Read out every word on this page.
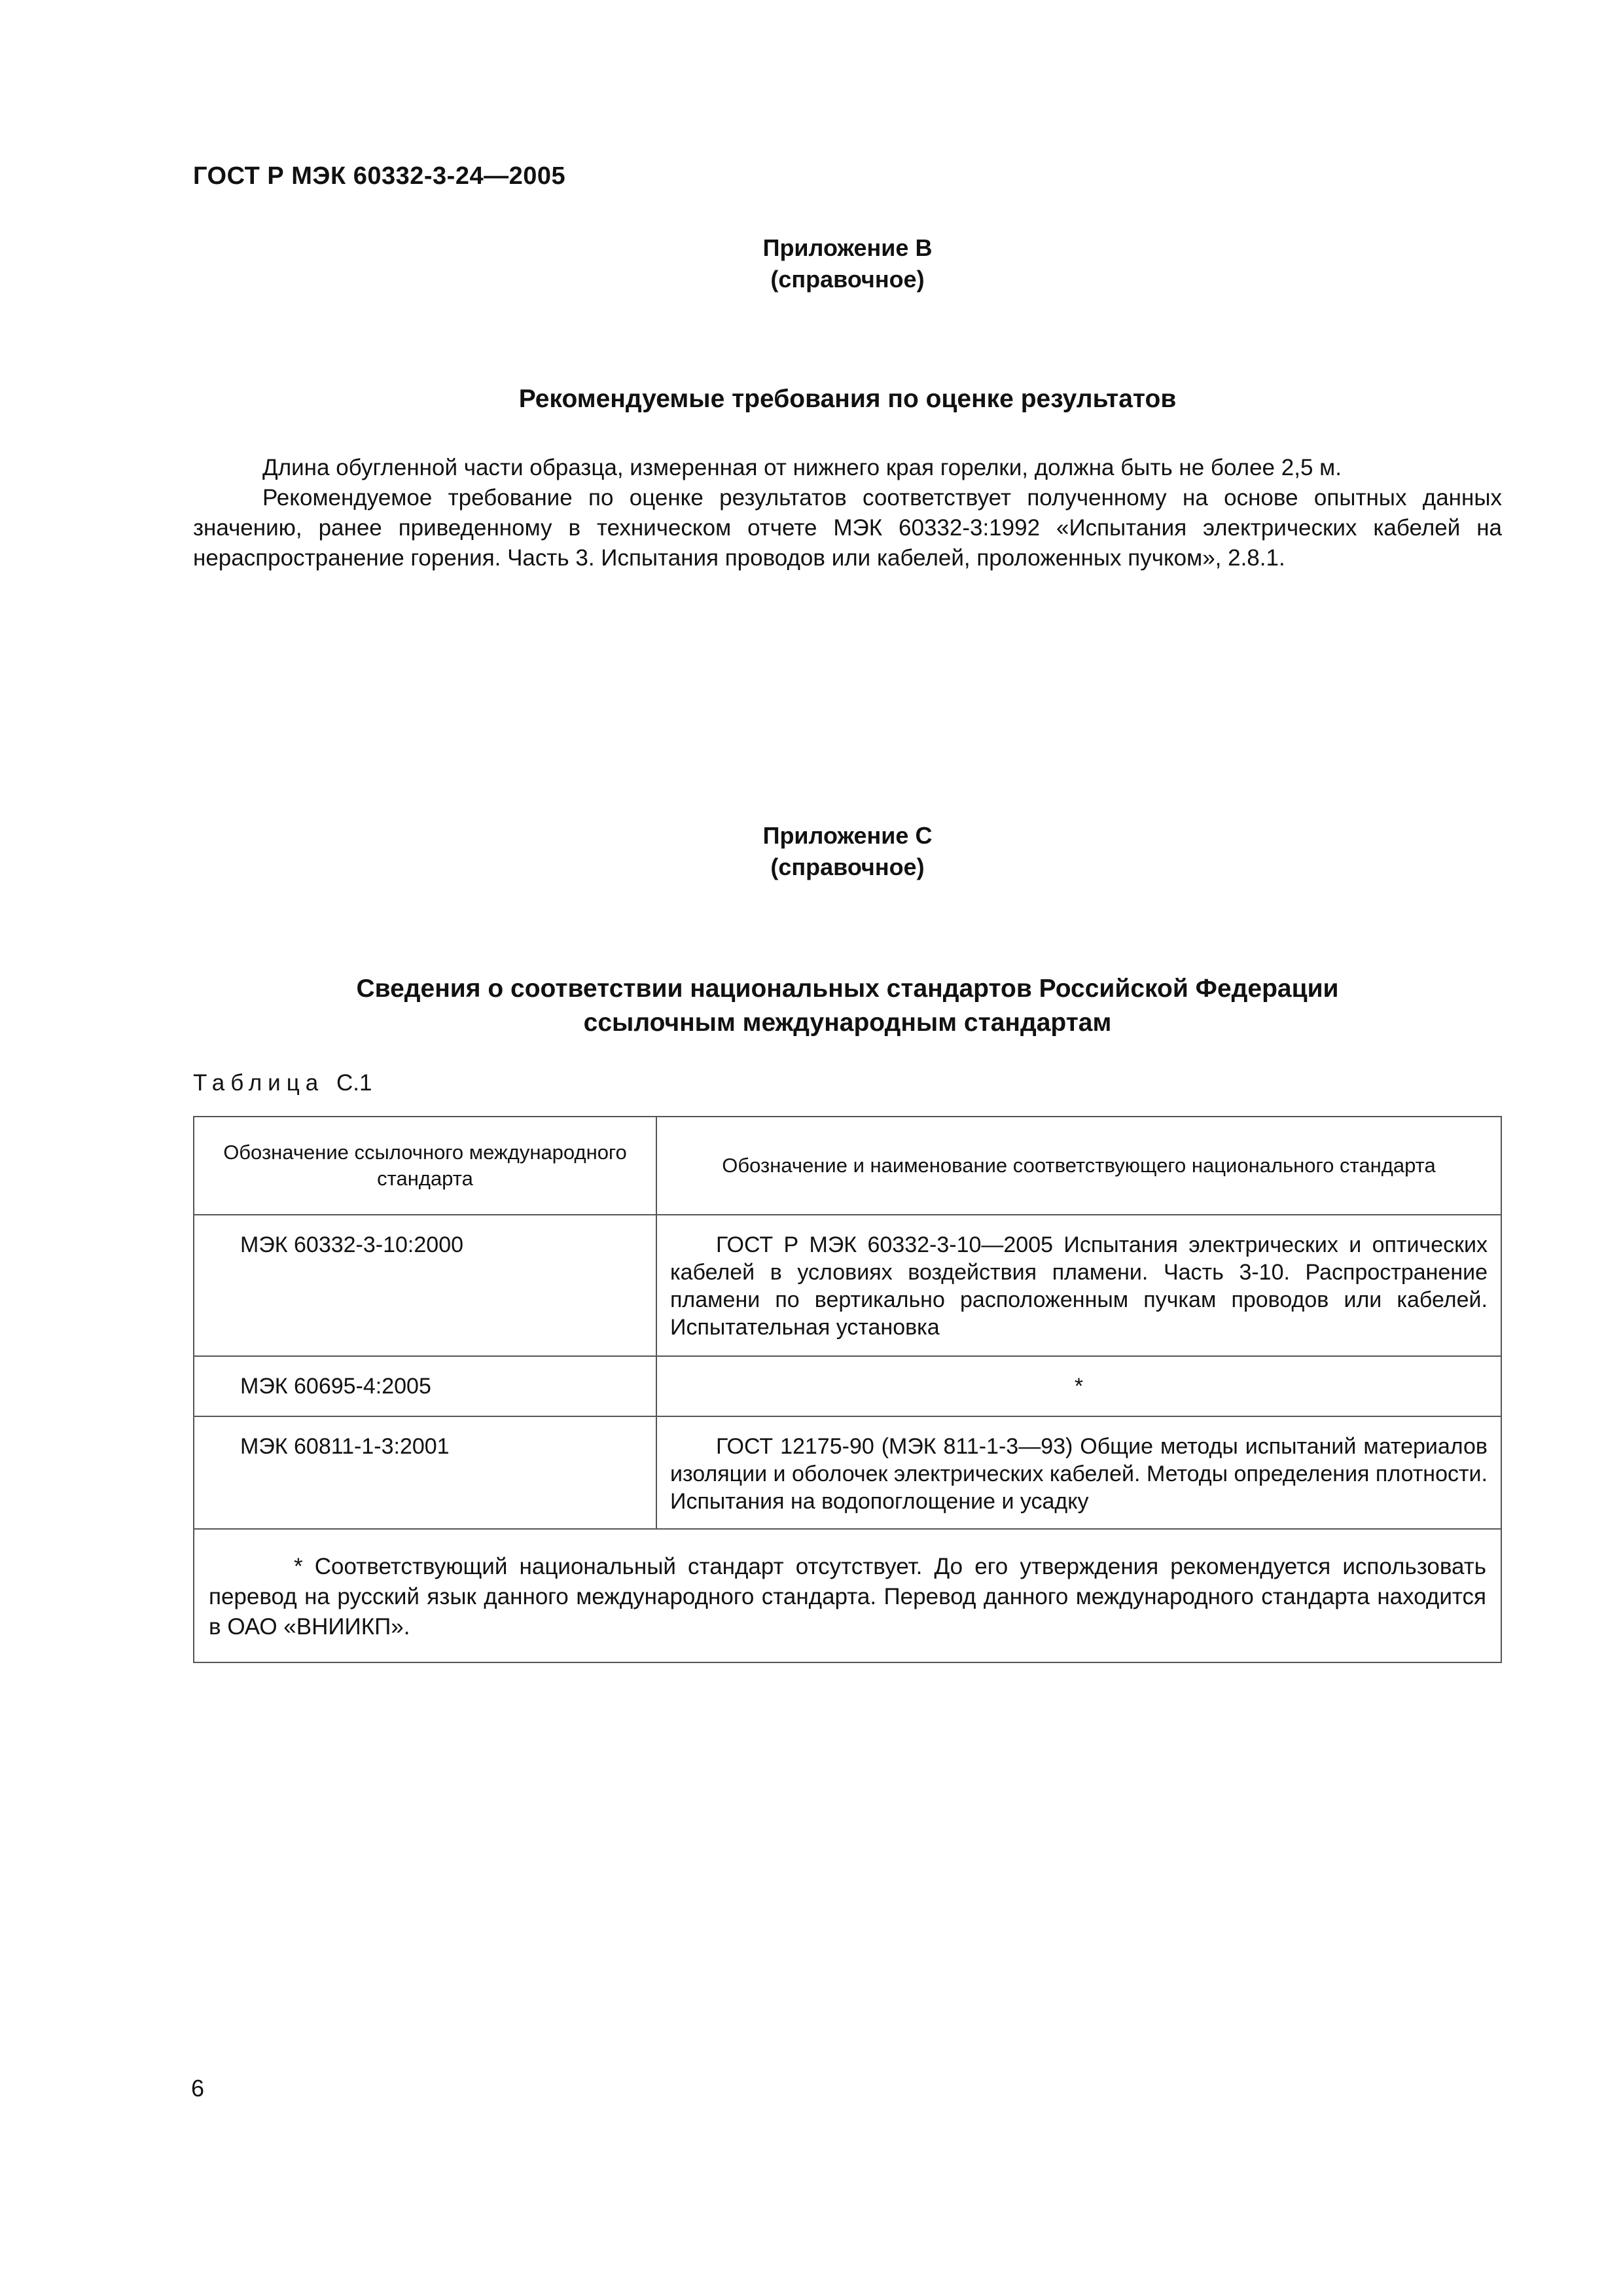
ГОСТ Р МЭК 60332-3-24—2005
Приложение В
(справочное)
Рекомендуемые требования по оценке результатов

Длина обугленной части образца, измеренная от нижнего края горелки, должна быть не более 2,5 м.

Рекомендуемое требование по оценке результатов соответствует полученному на основе опытных данных значению, ранее приведенному в техническом отчете МЭК 60332-3:1992 «Испытания электрических кабелей на нераспространение горения. Часть 3. Испытания проводов или кабелей, проложенных пучком», 2.8.1.

Приложение С
(справочное)
Сведения о соответствии национальных стандартов Российской Федерации
ссылочным международным стандартам
Таблица С.1
Обозначение ссылочного международного стандарта	Обозначение и наименование соответствующего национального стандарта
МЭК 60332-3-10:2000	ГОСТ Р МЭК 60332-3-10—2005 Испытания электрических и оптических кабелей в условиях воздействия пламени. Часть 3-10. Распространение пламени по вертикально расположенным пучкам проводов или кабелей. Испытательная установка

МЭК 60695-4:2005	*
МЭК 60811-1-3:2001	ГОСТ 12175-90 (МЭК 811-1-3—93) Общие методы испытаний материалов изоляции и оболочек электрических кабелей. Методы определения плотности. Испытания на водопоглощение и усадку

* Соответствующий национальный стандарт отсутствует. До его утверждения рекомендуется использовать перевод на русский язык данного международного стандарта. Перевод данного международного стандарта находится в ОАО «ВНИИКП».	
6
